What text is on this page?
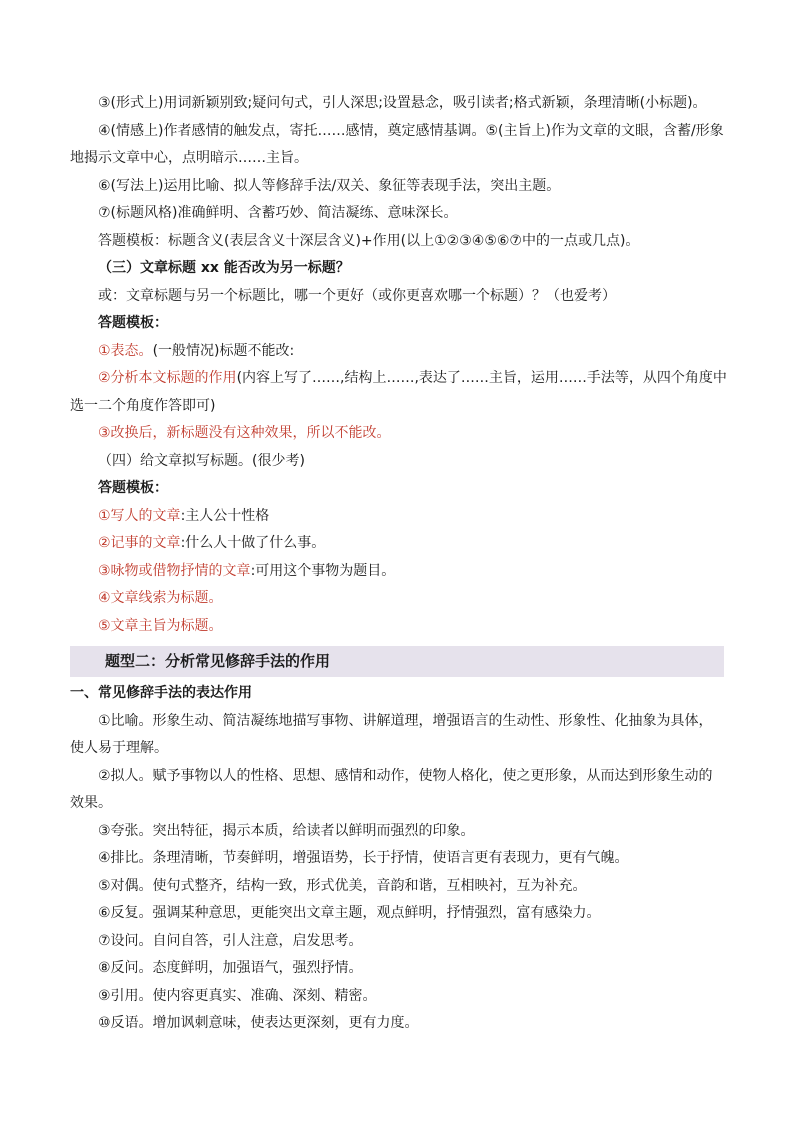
③(形式上)用词新颖别致;疑问句式，引人深思;设置悬念，吸引读者;格式新颖，条理清晰(小标题)。
④(情感上)作者感情的触发点，寄托……感情，奠定感情基调。⑤(主旨上)作为文章的文眼，含蓄/形象
地揭示文章中心，点明暗示……主旨。
⑥(写法上)运用比喻、拟人等修辞手法/双关、象征等表现手法，突出主题。
⑦(标题风格)准确鲜明、含蓄巧妙、简洁凝练、意味深长。
答题模板：标题含义(表层含义十深层含义)+作用(以上①②③④⑤⑥⑦中的一点或几点)。
（三）文章标题 xx 能否改为另一标题？
或：文章标题与另一个标题比，哪一个更好（或你更喜欢哪一个标题）？（也爱考）
答题模板：
①表态。(一般情况)标题不能改:
②分析本文标题的作用(内容上写了……,结构上……,表达了……主旨，运用……手法等，从四个角度中
选一二个角度作答即可)
③改换后，新标题没有这种效果，所以不能改。
（四）给文章拟写标题。(很少考)
答题模板：
①写人的文章:主人公十性格
②记事的文章:什么人十做了什么事。
③咏物或借物抒情的文章:可用这个事物为题目。
④文章线索为标题。
⑤文章主旨为标题。
题型二：分析常见修辞手法的作用
一、常见修辞手法的表达作用
①比喻。形象生动、简洁凝练地描写事物、讲解道理，增强语言的生动性、形象性、化抽象为具体，
使人易于理解。
②拟人。赋予事物以人的性格、思想、感情和动作，使物人格化，使之更形象，从而达到形象生动的
效果。
③夸张。突出特征，揭示本质，给读者以鲜明而强烈的印象。
④排比。条理清晰，节奏鲜明，增强语势，长于抒情，使语言更有表现力，更有气魄。
⑤对偶。使句式整齐，结构一致，形式优美，音韵和谐，互相映衬，互为补充。
⑥反复。强调某种意思，更能突出文章主题，观点鲜明，抒情强烈，富有感染力。
⑦设问。自问自答，引人注意，启发思考。
⑧反问。态度鲜明，加强语气，强烈抒情。
⑨引用。使内容更真实、准确、深刻、精密。
⑩反语。增加讽刺意味，使表达更深刻，更有力度。
